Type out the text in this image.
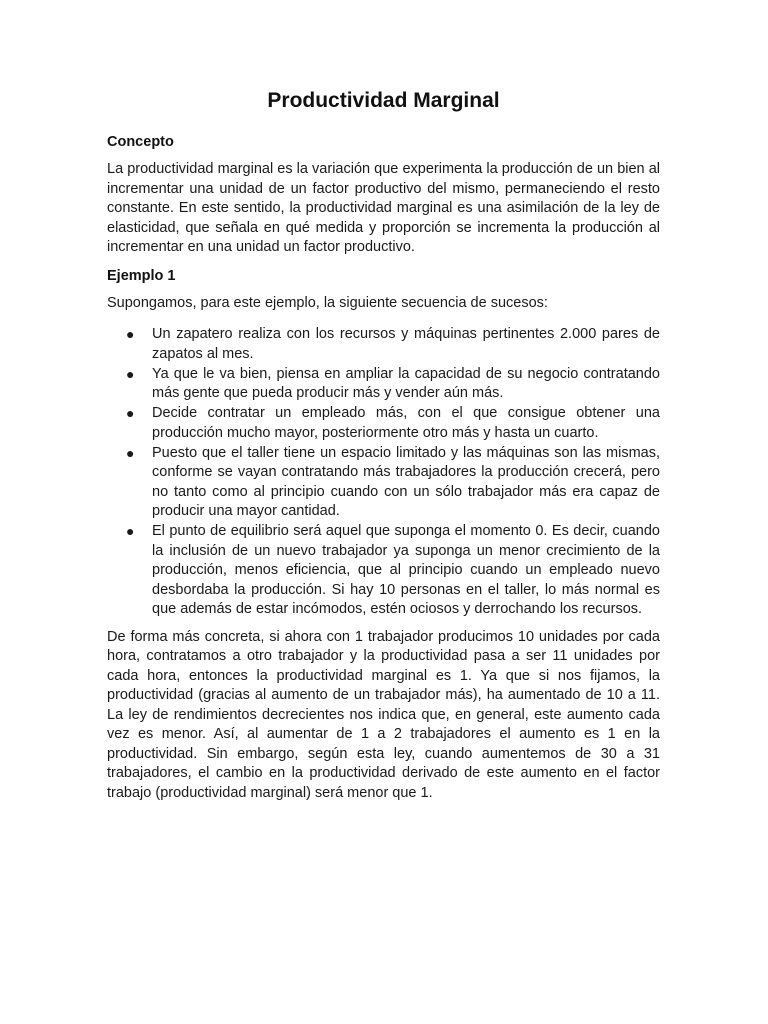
Productividad Marginal
Concepto

La productividad marginal es la variación que experimenta la producción de un bien al incrementar una unidad de un factor productivo del mismo, permaneciendo el resto constante. En este sentido, la productividad marginal es una asimilación de la ley de elasticidad, que señala en qué medida y proporción se incrementa la producción al incrementar en una unidad un factor productivo.

Ejemplo 1

Supongamos, para este ejemplo, la siguiente secuencia de sucesos:

● Un zapatero realiza con los recursos y máquinas pertinentes 2.000 pares de zapatos al mes.
● Ya que le va bien, piensa en ampliar la capacidad de su negocio contratando más gente que pueda producir más y vender aún más.
● Decide contratar un empleado más, con el que consigue obtener una producción mucho mayor, posteriormente otro más y hasta un cuarto.
● Puesto que el taller tiene un espacio limitado y las máquinas son las mismas, conforme se vayan contratando más trabajadores la producción crecerá, pero no tanto como al principio cuando con un sólo trabajador más era capaz de producir una mayor cantidad.
● El punto de equilibrio será aquel que suponga el momento 0. Es decir, cuando la inclusión de un nuevo trabajador ya suponga un menor crecimiento de la producción, menos eficiencia, que al principio cuando un empleado nuevo desbordaba la producción. Si hay 10 personas en el taller, lo más normal es que además de estar incómodos, estén ociosos y derrochando los recursos.

De forma más concreta, si ahora con 1 trabajador producimos 10 unidades por cada hora, contratamos a otro trabajador y la productividad pasa a ser 11 unidades por cada hora, entonces la productividad marginal es 1. Ya que si nos fijamos, la productividad (gracias al aumento de un trabajador más), ha aumentado de 10 a 11. La ley de rendimientos decrecientes nos indica que, en general, este aumento cada vez es menor. Así, al aumentar de 1 a 2 trabajadores el aumento es 1 en la productividad. Sin embargo, según esta ley, cuando aumentemos de 30 a 31 trabajadores, el cambio en la productividad derivado de este aumento en el factor trabajo (productividad marginal) será menor que 1.
